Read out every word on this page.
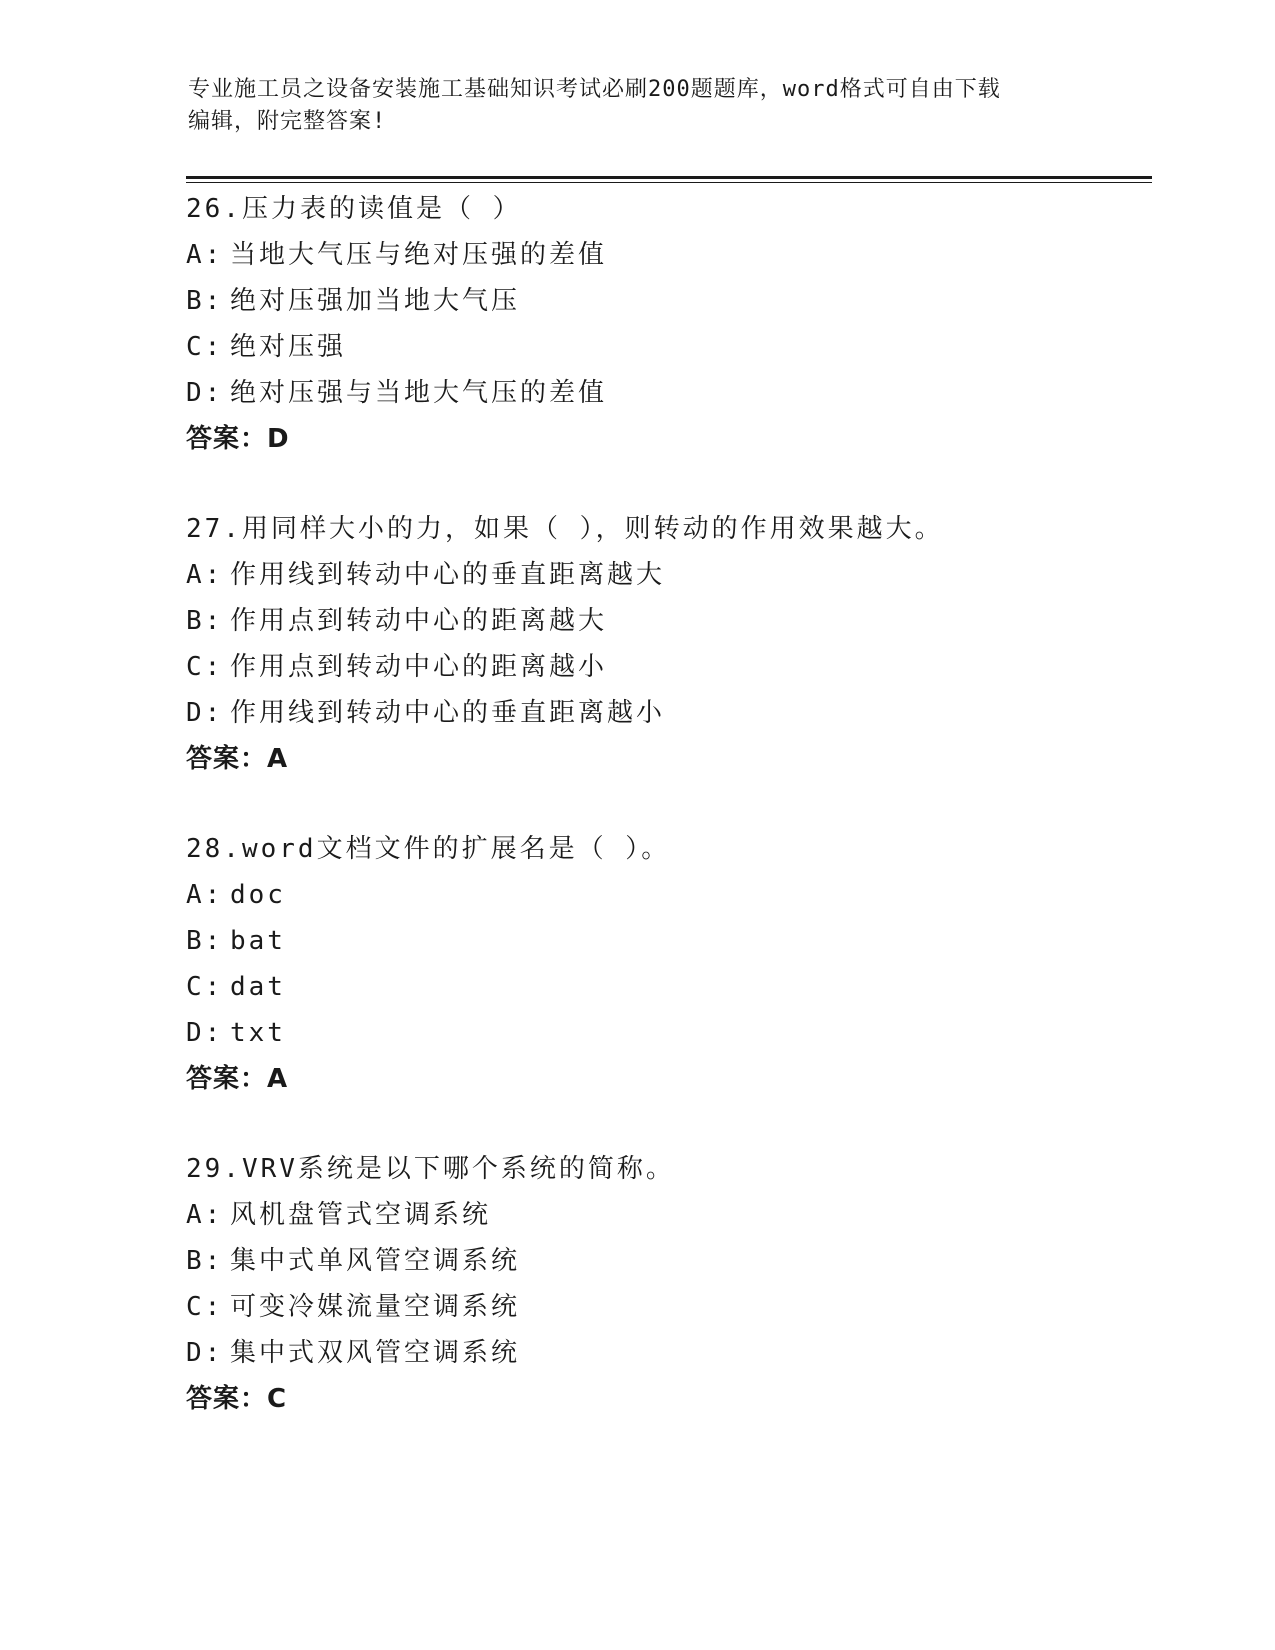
专业施工员之设备安装施工基础知识考试必刷200题题库，word格式可自由下载
编辑，附完整答案!
26.压力表的读值是（ ）
A: 当地大气压与绝对压强的差值
B: 绝对压强加当地大气压
C: 绝对压强
D: 绝对压强与当地大气压的差值
答案：D
27.用同样大小的力，如果（ ），则转动的作用效果越大。
A: 作用线到转动中心的垂直距离越大
B: 作用点到转动中心的距离越大
C: 作用点到转动中心的距离越小
D: 作用线到转动中心的垂直距离越小
答案：A
28.word文档文件的扩展名是（ ）。
A: doc
B: bat
C: dat
D: txt
答案：A
29.VRV系统是以下哪个系统的简称。
A: 风机盘管式空调系统
B: 集中式单风管空调系统
C: 可变冷媒流量空调系统
D: 集中式双风管空调系统
答案：C
